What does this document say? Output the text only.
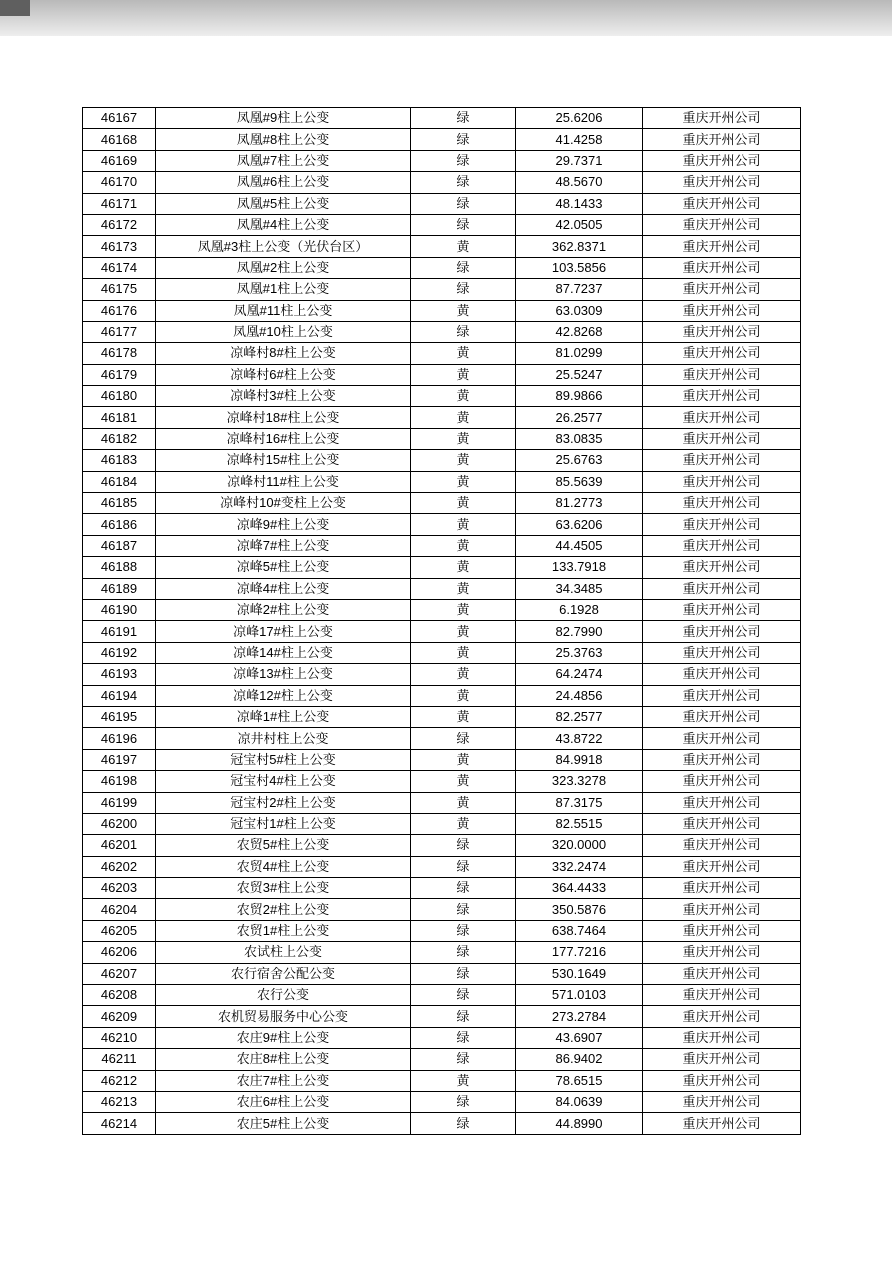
46167	凤凰#9柱上公变	绿	25.6206	重庆开州公司
46168	凤凰#8柱上公变	绿	41.4258	重庆开州公司
46169	凤凰#7柱上公变	绿	29.7371	重庆开州公司
46170	凤凰#6柱上公变	绿	48.5670	重庆开州公司
46171	凤凰#5柱上公变	绿	48.1433	重庆开州公司
46172	凤凰#4柱上公变	绿	42.0505	重庆开州公司
46173	凤凰#3柱上公变（光伏台区）	黄	362.8371	重庆开州公司
46174	凤凰#2柱上公变	绿	103.5856	重庆开州公司
46175	凤凰#1柱上公变	绿	87.7237	重庆开州公司
46176	凤凰#11柱上公变	黄	63.0309	重庆开州公司
46177	凤凰#10柱上公变	绿	42.8268	重庆开州公司
46178	凉峰村8#柱上公变	黄	81.0299	重庆开州公司
46179	凉峰村6#柱上公变	黄	25.5247	重庆开州公司
46180	凉峰村3#柱上公变	黄	89.9866	重庆开州公司
46181	凉峰村18#柱上公变	黄	26.2577	重庆开州公司
46182	凉峰村16#柱上公变	黄	83.0835	重庆开州公司
46183	凉峰村15#柱上公变	黄	25.6763	重庆开州公司
46184	凉峰村11#柱上公变	黄	85.5639	重庆开州公司
46185	凉峰村10#变柱上公变	黄	81.2773	重庆开州公司
46186	凉峰9#柱上公变	黄	63.6206	重庆开州公司
46187	凉峰7#柱上公变	黄	44.4505	重庆开州公司
46188	凉峰5#柱上公变	黄	133.7918	重庆开州公司
46189	凉峰4#柱上公变	黄	34.3485	重庆开州公司
46190	凉峰2#柱上公变	黄	6.1928	重庆开州公司
46191	凉峰17#柱上公变	黄	82.7990	重庆开州公司
46192	凉峰14#柱上公变	黄	25.3763	重庆开州公司
46193	凉峰13#柱上公变	黄	64.2474	重庆开州公司
46194	凉峰12#柱上公变	黄	24.4856	重庆开州公司
46195	凉峰1#柱上公变	黄	82.2577	重庆开州公司
46196	凉井村柱上公变	绿	43.8722	重庆开州公司
46197	冠宝村5#柱上公变	黄	84.9918	重庆开州公司
46198	冠宝村4#柱上公变	黄	323.3278	重庆开州公司
46199	冠宝村2#柱上公变	黄	87.3175	重庆开州公司
46200	冠宝村1#柱上公变	黄	82.5515	重庆开州公司
46201	农贸5#柱上公变	绿	320.0000	重庆开州公司
46202	农贸4#柱上公变	绿	332.2474	重庆开州公司
46203	农贸3#柱上公变	绿	364.4433	重庆开州公司
46204	农贸2#柱上公变	绿	350.5876	重庆开州公司
46205	农贸1#柱上公变	绿	638.7464	重庆开州公司
46206	农试柱上公变	绿	177.7216	重庆开州公司
46207	农行宿舍公配公变	绿	530.1649	重庆开州公司
46208	农行公变	绿	571.0103	重庆开州公司
46209	农机贸易服务中心公变	绿	273.2784	重庆开州公司
46210	农庄9#柱上公变	绿	43.6907	重庆开州公司
46211	农庄8#柱上公变	绿	86.9402	重庆开州公司
46212	农庄7#柱上公变	黄	78.6515	重庆开州公司
46213	农庄6#柱上公变	绿	84.0639	重庆开州公司
46214	农庄5#柱上公变	绿	44.8990	重庆开州公司
